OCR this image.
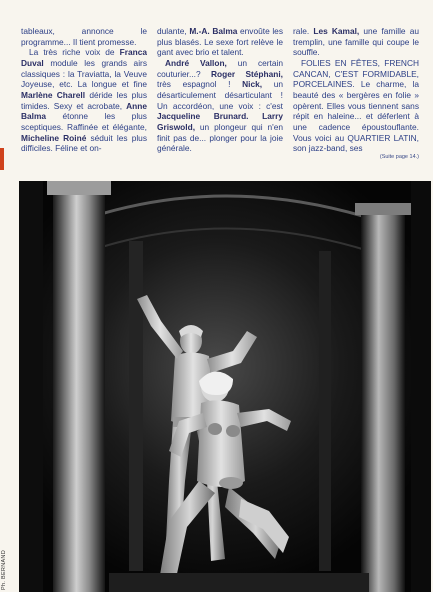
tableaux, annonce le programme... Il tient promesse.

La très riche voix de Franca Duval module les grands airs classiques : la Traviatta, la Veuve Joyeuse, etc. La longue et fine Marlène Charell déride les plus timides. Sexy et acrobate, Anne Balma étonne les plus sceptiques. Raffinée et élégante, Micheline Roiné séduit les plus difficiles. Féline et on-

dulante, M.-A. Balma envoûte les plus blasés. Le sexe fort relève le gant avec brio et talent.

André Vallon, un certain couturier...? Roger Stéphani, très espagnol ! Nick, un désarticulement désarticulant ! Un accordéon, une voix : c'est Jacqueline Brunard. Larry Griswold, un plongeur qui n'en finit pas de... plonger pour la joie générale.

rale. Les Kamal, une famille au tremplin, une famille qui coupe le souffle.

FOLIES EN FÊTES, FRENCH CANCAN, C'EST FORMIDABLE, PORCELAINES. Le charme, la beauté des « bergères en folie » opèrent. Elles vous tiennent sans répit en haleine... et déferlent à une cadence époustouflante. Vous voici au QUARTIER LATIN, son jazz-band, ses

(Suite page 14.)
Ph. BERNAND
